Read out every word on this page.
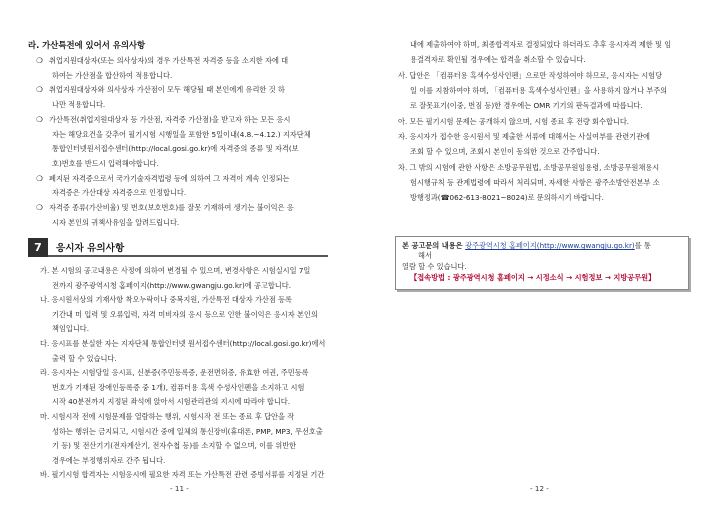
라. 가산특전에 있어서 유의사항
❍ 취업지원대상자(또는 의사상자)의 경우 가산특전 자격증 등을 소지한 자에 대
하여는 가산점을 합산하여 적용합니다.
❍ 취업지원대상자와 의사상자 가산점이 모두 해당될 때 본인에게 유리한 것 하
나만 적용합니다.
❍ 가산특전(취업지원대상자 등 가산점, 자격증 가산점)을 받고자 하는 모든 응시
자는 해당요건을 갖추어 필기시험 시행일을 포함한 5일이내(4.8.~4.12.) 지자단체
통합인터넷원서접수센터(http://local.gosi.go.kr)에 자격증의 종류 및 자격(보
호)번호를 반드시 입력해야합니다.
❍ 폐지된 자격증으로서 국가기술자격법령 등에 의하여 그 자격이 계속 인정되는
자격증은 가산대상 자격증으로 인정합니다.
❍ 자격증 종류(가산비율) 및 번호(보호번호)를 잘못 기재하여 생기는 불이익은 응
시자 본인의 귀책사유임을 알려드립니다.
7	응시자 유의사항
가. 본 시험의 공고내용은 사정에 의하여 변경될 수 있으며, 변경사항은 시험실시일 7일
전까지 광주광역시청 홈페이지(http://www.gwangju.go.kr)에 공고합니다.
나. 응시원서상의 기재사항 착오누락이나 중복지원, 가산특전 대상자 가산점 등록
기간내 미 입력 및 오류입력, 자격 미비자의 응시 등으로 인한 불이익은 응시자 본인의
책임입니다.
다. 응시표를 분실한 자는 지자단체 통합인터넷 원서접수센터(http://local.gosi.go.kr)에서
출력 할 수 있습니다.
라. 응시자는 시험당일 응시표, 신분증(주민등록증, 운전면허증, 유효한 여권, 주민등록
번호가 기재된 장애인등록증 중 1개), 컴퓨터용 흑색 수성사인펜을 소지하고 시험
시작 40분전까지 지정된 좌석에 앉아서 시험관리관의 지시에 따라야 합니다.
마. 시험시작 전에 시험문제를 열람하는 행위, 시험시작 전 또는 종료 후 답안을 작
성하는 행위는 금지되고, 시험시간 중에 일체의 통신장비(휴대폰, PMP, MP3, 무선호출
기 등) 및 전산기기(전자계산기, 전자수첩 등)를 소지할 수 없으며, 이를 위반한
경우에는 부정행위자로 간주 됩니다.
바. 필기시험 합격자는 시험응시에 필요한 자격 또는 가산특전 관련 증빙서류를 지정된 기간
- 11 -
내에 제출하여야 하며, 최종합격자로 결정되었다 하더라도 추후 응시자격 제한 및 임
용결격자로 확인될 경우에는 합격을 취소할 수 있습니다.
사. 답안은 「컴퓨터용 흑색수성사인펜」으로만 작성하여야 하므로, 응시자는 시험당
일 이를 지참하여야 하며, 「컴퓨터용 흑색수성사인펜」을 사용하지 않거나 부주의
로 잘못표기(이중, 번짐 등)한 경우에는 OMR 기기의 판독결과에 따릅니다.
아. 모든 필기시험 문제는 공개하지 않으며, 시험 종료 후 전량 회수합니다.
자. 응시자가 접수한 응시원서 및 제출한 서류에 대해서는 사실여부를 관련기관에
조회 할 수 있으며, 조회시 본인이 동의한 것으로 간주합니다.
차. 그 밖의 시험에 관한 사항은 소방공무원법, 소방공무원임용령, 소방공무원채용시
험시행규칙 등 관계법령에 따라서 처리되며, 자세한 사항은 광주소방안전본부 소
방행정과(☎062-613-8021~8024)로 문의하시기 바랍니다.
- 12 -
본 공고문의 내용은 광주광역시청 홈페이지(http://www.gwangju.go.kr)를 통
해서
열람 할 수 있습니다.
【접속방법 : 광주광역시청 홈페이지 → 시정소식 → 시험정보 → 지방공무원】
